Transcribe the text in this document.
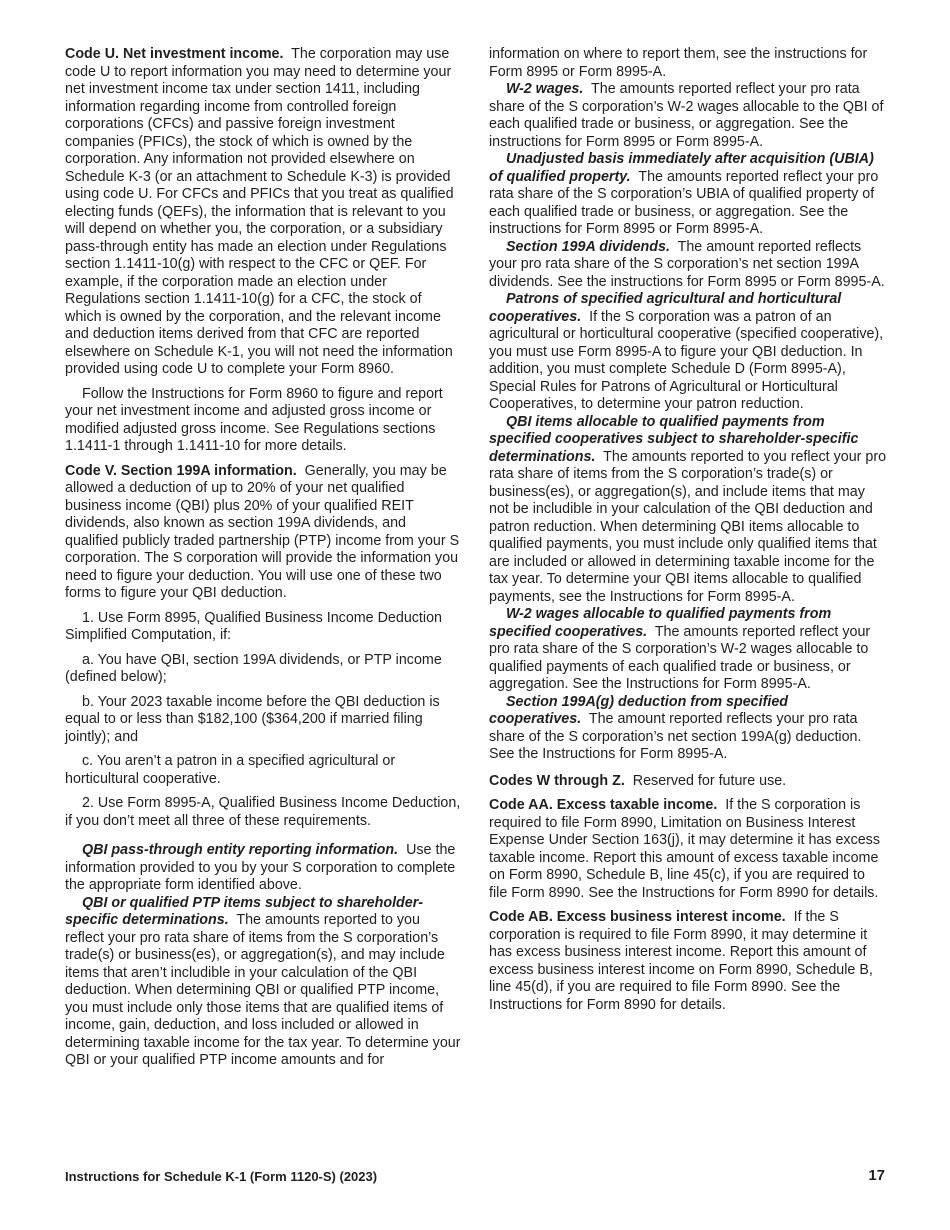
Code U. Net investment income. The corporation may use code U to report information you may need to determine your net investment income tax under section 1411, including information regarding income from controlled foreign corporations (CFCs) and passive foreign investment companies (PFICs), the stock of which is owned by the corporation. Any information not provided elsewhere on Schedule K-3 (or an attachment to Schedule K-3) is provided using code U. For CFCs and PFICs that you treat as qualified electing funds (QEFs), the information that is relevant to you will depend on whether you, the corporation, or a subsidiary pass-through entity has made an election under Regulations section 1.1411-10(g) with respect to the CFC or QEF. For example, if the corporation made an election under Regulations section 1.1411-10(g) for a CFC, the stock of which is owned by the corporation, and the relevant income and deduction items derived from that CFC are reported elsewhere on Schedule K-1, you will not need the information provided using code U to complete your Form 8960.

Follow the Instructions for Form 8960 to figure and report your net investment income and adjusted gross income or modified adjusted gross income. See Regulations sections 1.1411-1 through 1.1411-10 for more details.

Code V. Section 199A information. Generally, you may be allowed a deduction of up to 20% of your net qualified business income (QBI) plus 20% of your qualified REIT dividends, also known as section 199A dividends, and qualified publicly traded partnership (PTP) income from your S corporation. The S corporation will provide the information you need to figure your deduction. You will use one of these two forms to figure your QBI deduction.

1. Use Form 8995, Qualified Business Income Deduction Simplified Computation, if:

a. You have QBI, section 199A dividends, or PTP income (defined below);

b. Your 2023 taxable income before the QBI deduction is equal to or less than $182,100 ($364,200 if married filing jointly); and

c. You aren’t a patron in a specified agricultural or horticultural cooperative.

2. Use Form 8995-A, Qualified Business Income Deduction, if you don’t meet all three of these requirements.

QBI pass-through entity reporting information. Use the information provided to you by your S corporation to complete the appropriate form identified above.

QBI or qualified PTP items subject to shareholder-specific determinations. The amounts reported to you reflect your pro rata share of items from the S corporation’s trade(s) or business(es), or aggregation(s), and may include items that aren’t includible in your calculation of the QBI deduction. When determining QBI or qualified PTP income, you must include only those items that are qualified items of income, gain, deduction, and loss included or allowed in determining taxable income for the tax year. To determine your QBI or your qualified PTP income amounts and for

information on where to report them, see the instructions for Form 8995 or Form 8995-A.

W-2 wages. The amounts reported reflect your pro rata share of the S corporation’s W-2 wages allocable to the QBI of each qualified trade or business, or aggregation. See the instructions for Form 8995 or Form 8995-A.

Unadjusted basis immediately after acquisition (UBIA) of qualified property. The amounts reported reflect your pro rata share of the S corporation’s UBIA of qualified property of each qualified trade or business, or aggregation. See the instructions for Form 8995 or Form 8995-A.

Section 199A dividends. The amount reported reflects your pro rata share of the S corporation’s net section 199A dividends. See the instructions for Form 8995 or Form 8995-A.

Patrons of specified agricultural and horticultural cooperatives. If the S corporation was a patron of an agricultural or horticultural cooperative (specified cooperative), you must use Form 8995-A to figure your QBI deduction. In addition, you must complete Schedule D (Form 8995-A), Special Rules for Patrons of Agricultural or Horticultural Cooperatives, to determine your patron reduction.

QBI items allocable to qualified payments from specified cooperatives subject to shareholder-specific determinations. The amounts reported to you reflect your pro rata share of items from the S corporation’s trade(s) or business(es), or aggregation(s), and include items that may not be includible in your calculation of the QBI deduction and patron reduction. When determining QBI items allocable to qualified payments, you must include only qualified items that are included or allowed in determining taxable income for the tax year. To determine your QBI items allocable to qualified payments, see the Instructions for Form 8995-A.

W-2 wages allocable to qualified payments from specified cooperatives. The amounts reported reflect your pro rata share of the S corporation’s W-2 wages allocable to qualified payments of each qualified trade or business, or aggregation. See the Instructions for Form 8995-A.

Section 199A(g) deduction from specified cooperatives. The amount reported reflects your pro rata share of the S corporation’s net section 199A(g) deduction. See the Instructions for Form 8995-A.

Codes W through Z. Reserved for future use.

Code AA. Excess taxable income. If the S corporation is required to file Form 8990, Limitation on Business Interest Expense Under Section 163(j), it may determine it has excess taxable income. Report this amount of excess taxable income on Form 8990, Schedule B, line 45(c), if you are required to file Form 8990. See the Instructions for Form 8990 for details.

Code AB. Excess business interest income. If the S corporation is required to file Form 8990, it may determine it has excess business interest income. Report this amount of excess business interest income on Form 8990, Schedule B, line 45(d), if you are required to file Form 8990. See the Instructions for Form 8990 for details.

Instructions for Schedule K-1 (Form 1120-S) (2023)	17
